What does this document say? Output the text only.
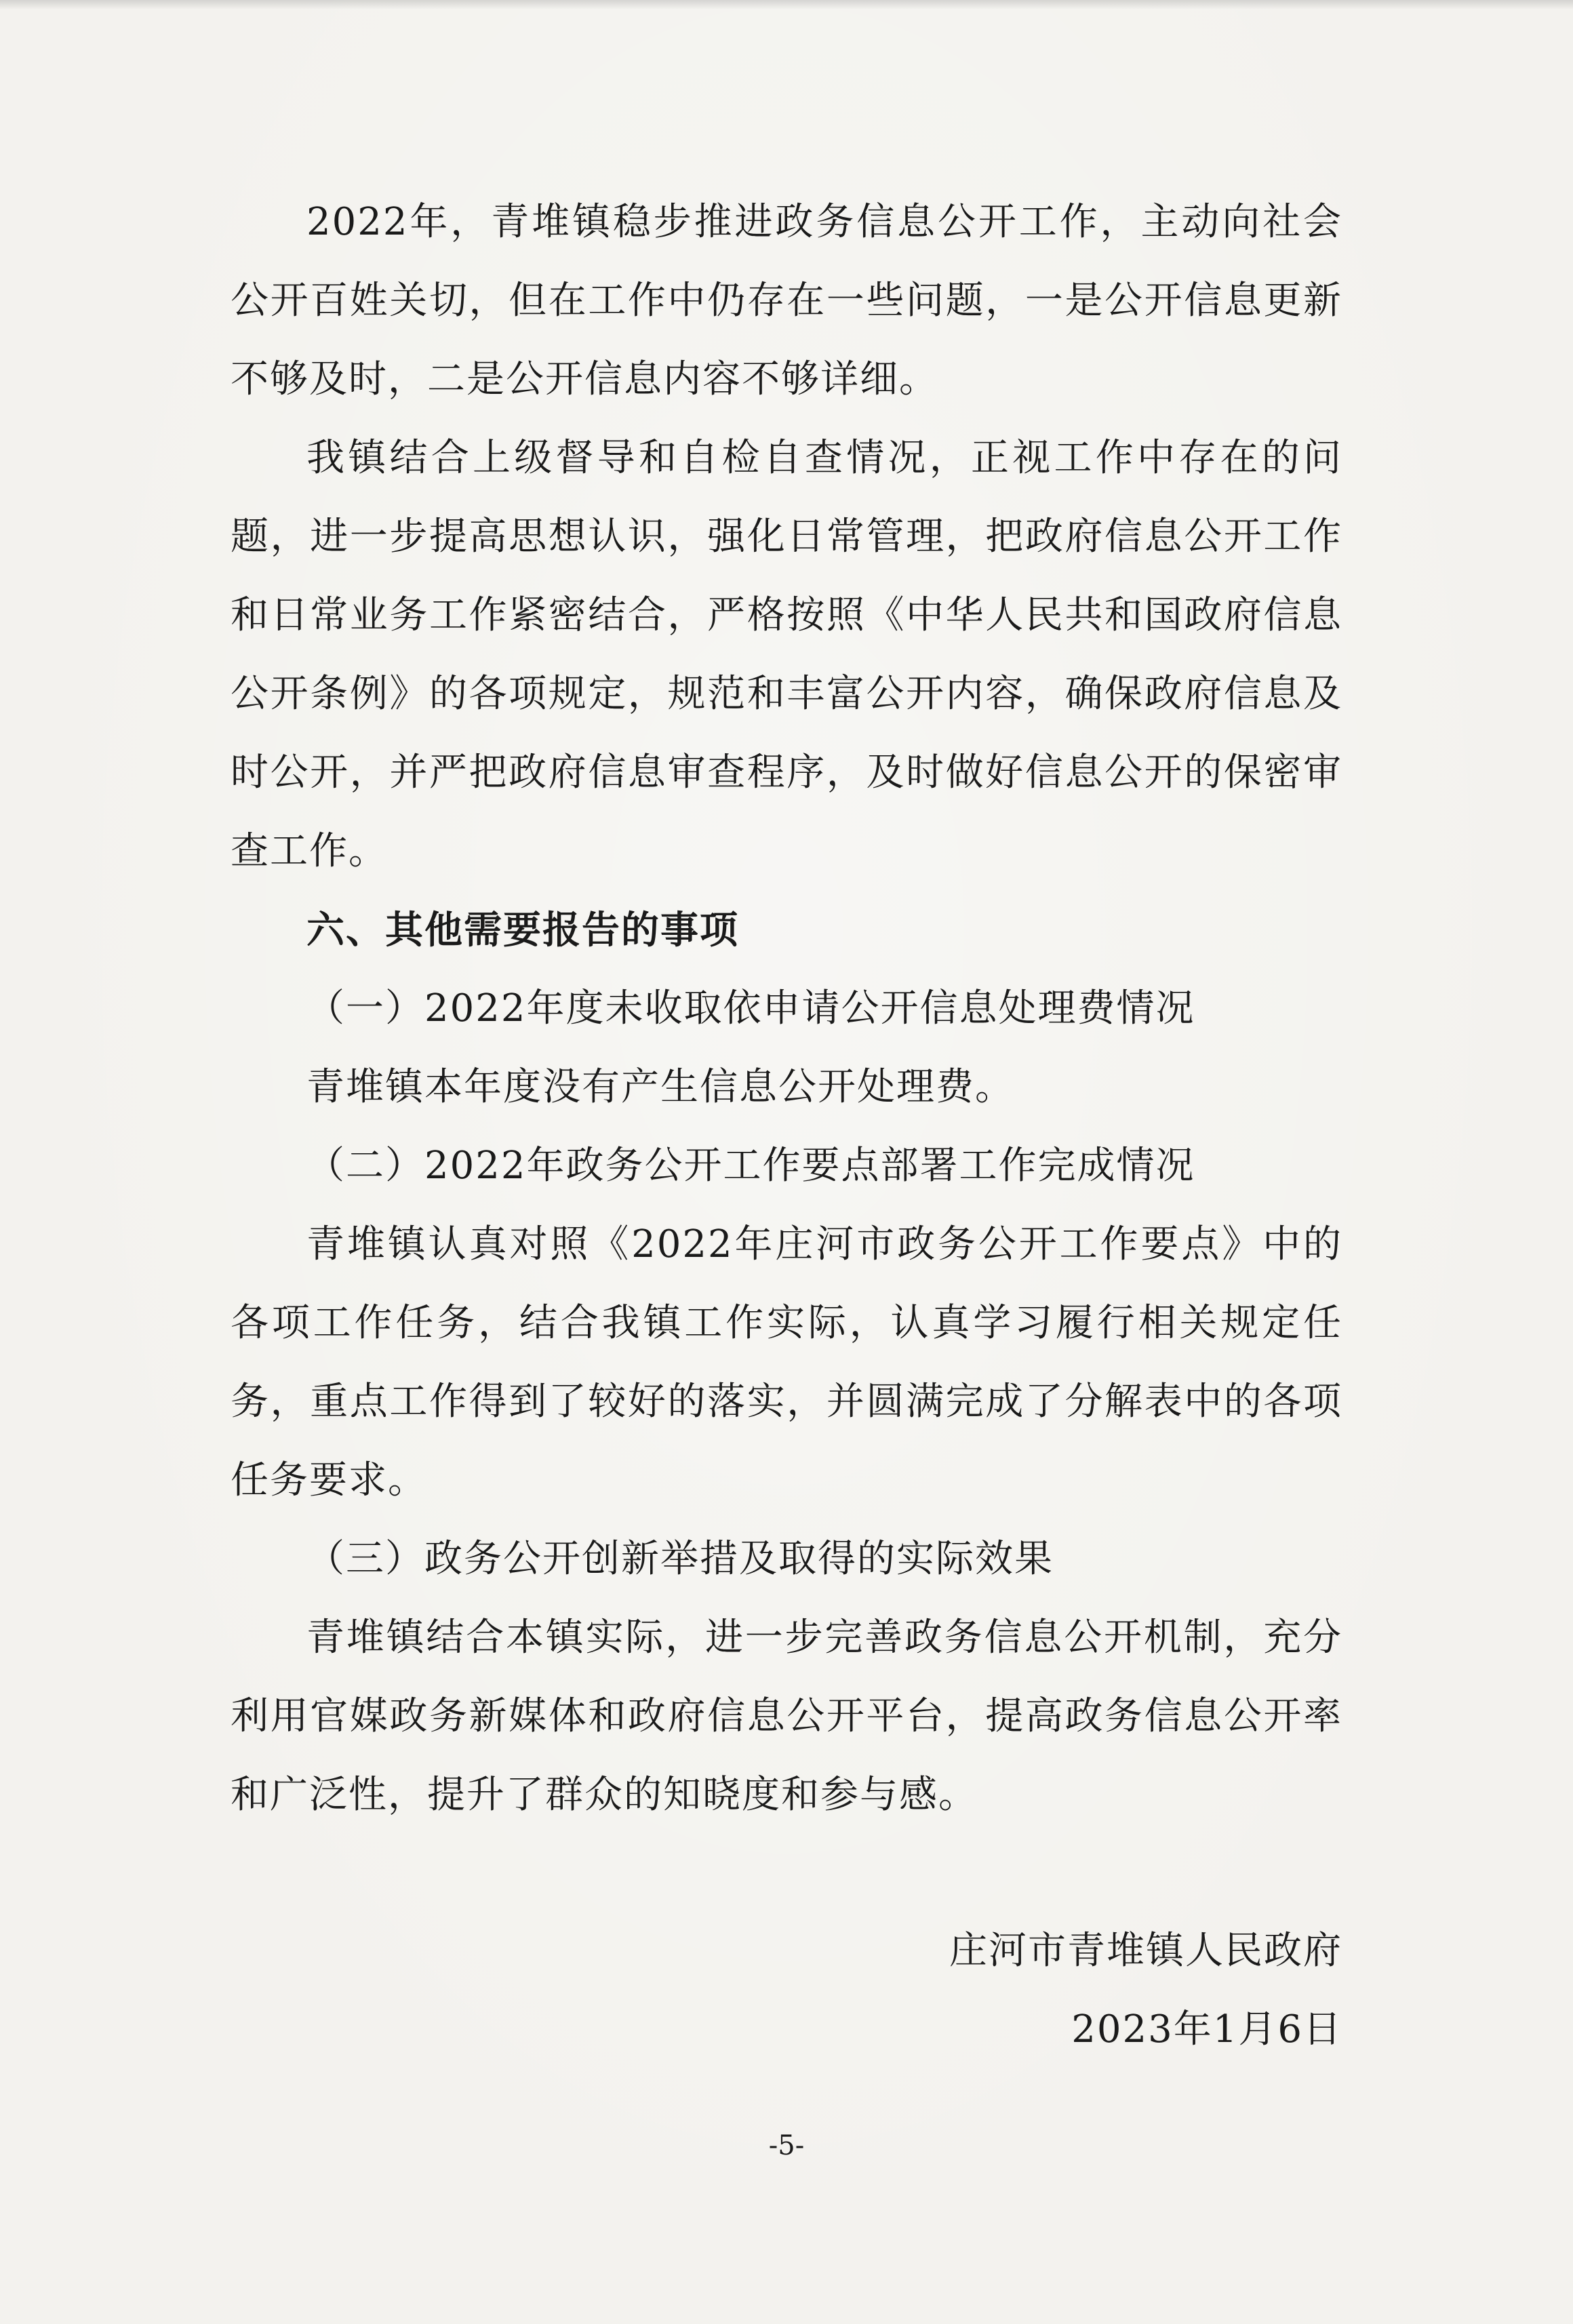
2022年，青堆镇稳步推进政务信息公开工作，主动向社会公开百姓关切，但在工作中仍存在一些问题，一是公开信息更新不够及时，二是公开信息内容不够详细。

我镇结合上级督导和自检自查情况，正视工作中存在的问题，进一步提高思想认识，强化日常管理，把政府信息公开工作和日常业务工作紧密结合，严格按照《中华人民共和国政府信息公开条例》的各项规定，规范和丰富公开内容，确保政府信息及时公开，并严把政府信息审查程序，及时做好信息公开的保密审查工作。

六、其他需要报告的事项

（一）2022年度未收取依申请公开信息处理费情况

青堆镇本年度没有产生信息公开处理费。

（二）2022年政务公开工作要点部署工作完成情况

青堆镇认真对照《2022年庄河市政务公开工作要点》中的各项工作任务，结合我镇工作实际，认真学习履行相关规定任务，重点工作得到了较好的落实，并圆满完成了分解表中的各项任务要求。

（三）政务公开创新举措及取得的实际效果

青堆镇结合本镇实际，进一步完善政务信息公开机制，充分利用官媒政务新媒体和政府信息公开平台，提高政务信息公开率和广泛性，提升了群众的知晓度和参与感。

庄河市青堆镇人民政府
2023年1月6日
-5-
